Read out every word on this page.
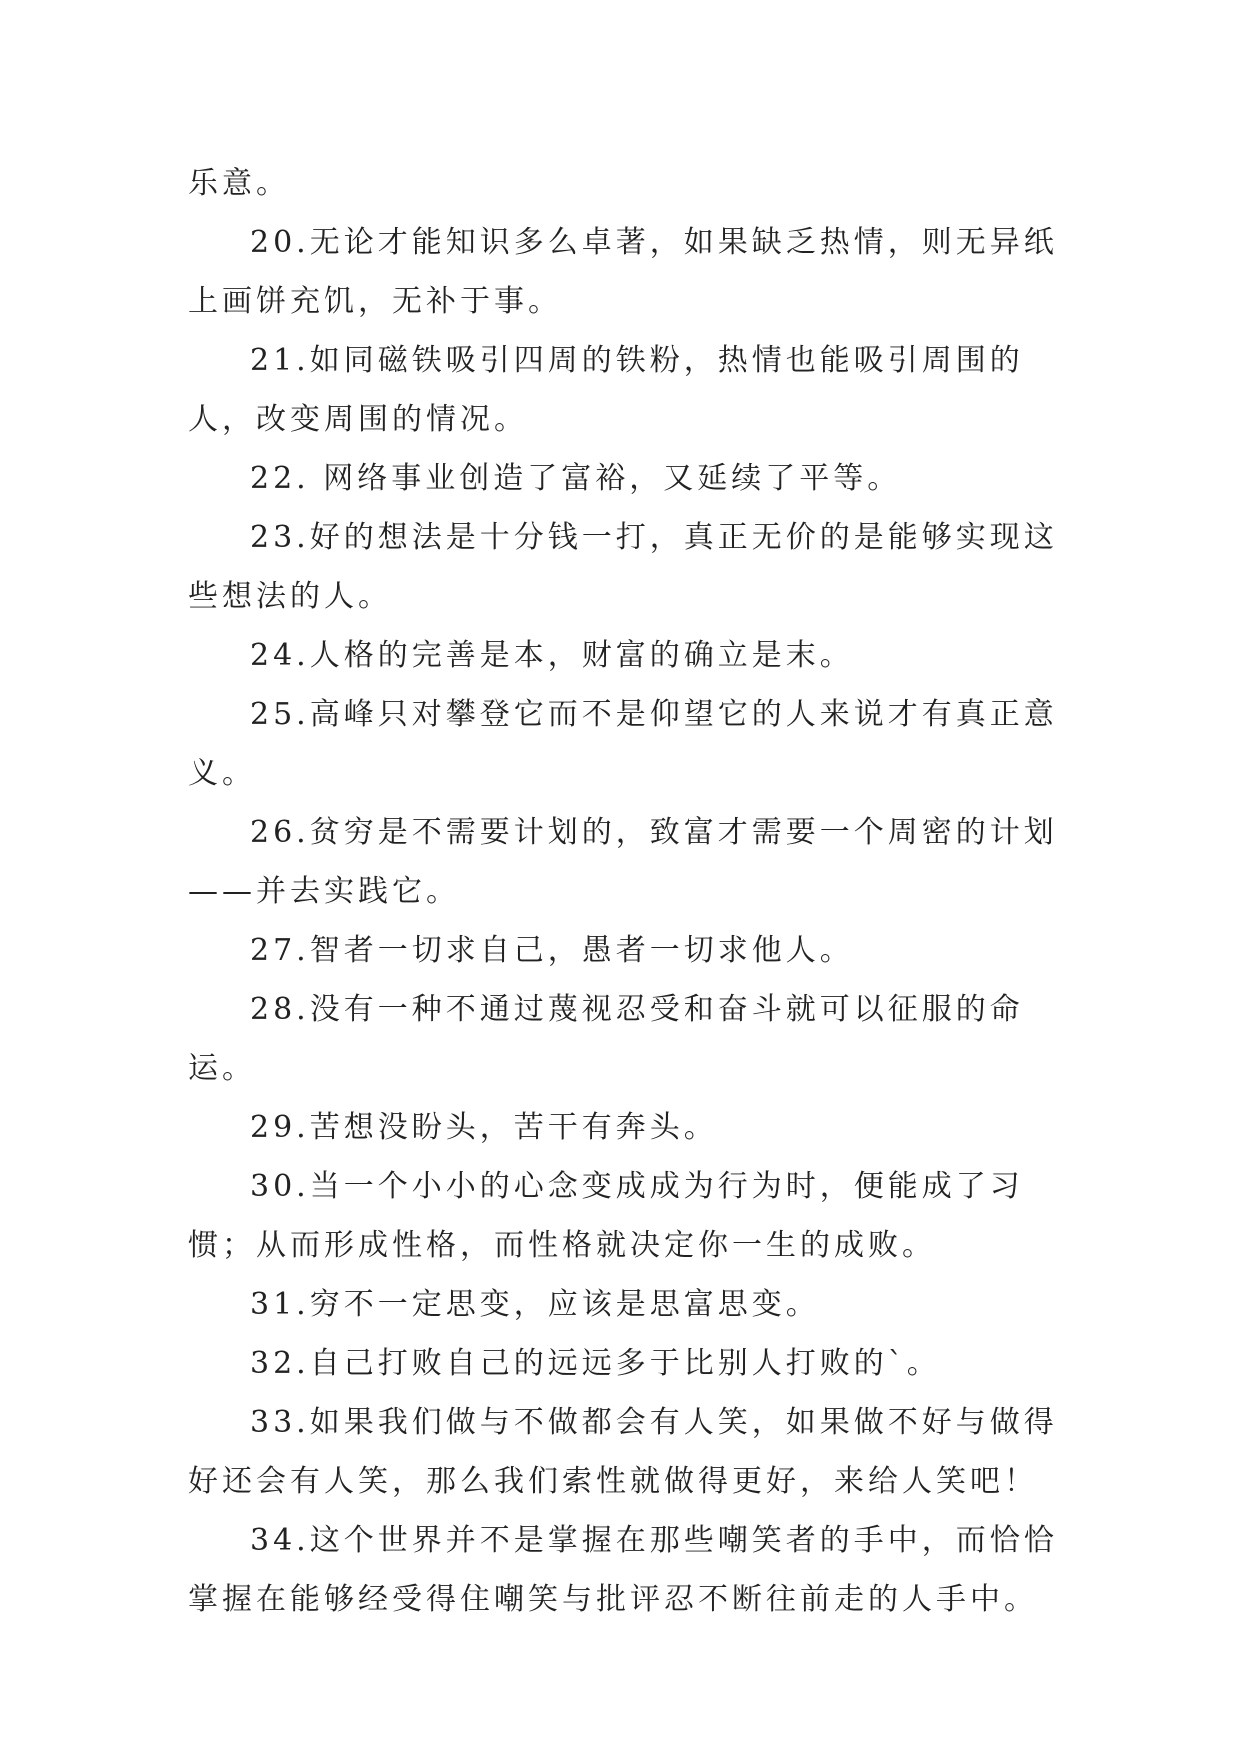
乐意。

20.无论才能知识多么卓著，如果缺乏热情，则无异纸上画饼充饥，无补于事。

21.如同磁铁吸引四周的铁粉，热情也能吸引周围的人，改变周围的情况。

22. 网络事业创造了富裕，又延续了平等。

23.好的想法是十分钱一打，真正无价的是能够实现这些想法的人。

24.人格的完善是本，财富的确立是末。

25.高峰只对攀登它而不是仰望它的人来说才有真正意义。

26.贫穷是不需要计划的，致富才需要一个周密的计划——并去实践它。

27.智者一切求自己，愚者一切求他人。

28.没有一种不通过蔑视忍受和奋斗就可以征服的命运。

29.苦想没盼头，苦干有奔头。

30.当一个小小的心念变成成为行为时，便能成了习惯；从而形成性格，而性格就决定你一生的成败。

31.穷不一定思变，应该是思富思变。

32.自己打败自己的远远多于比别人打败的`。

33.如果我们做与不做都会有人笑，如果做不好与做得好还会有人笑，那么我们索性就做得更好，来给人笑吧！

34.这个世界并不是掌握在那些嘲笑者的手中，而恰恰掌握在能够经受得住嘲笑与批评忍不断往前走的人手中。
